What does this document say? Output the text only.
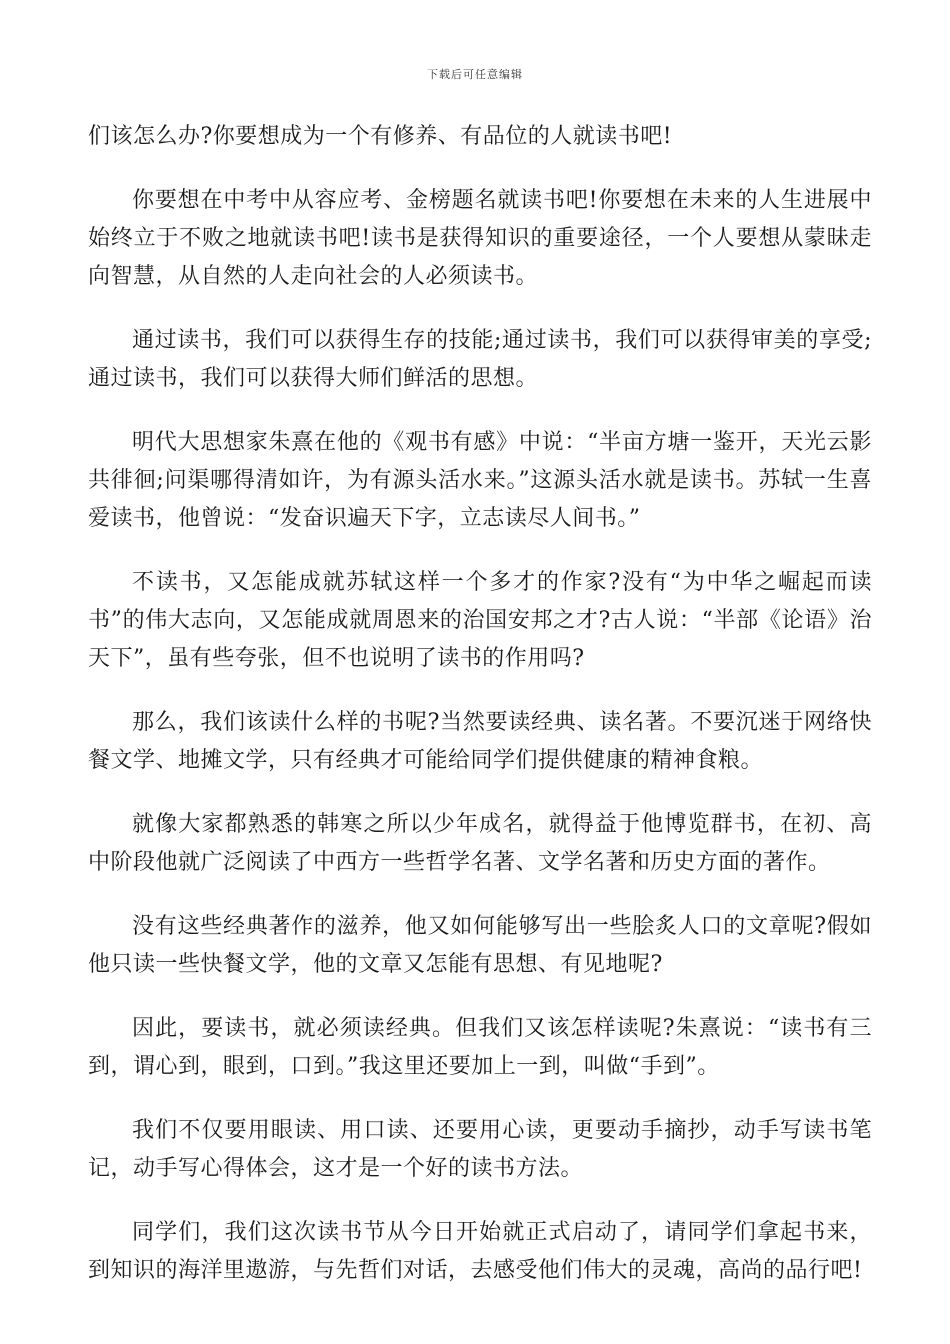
下载后可任意编辑

们该怎么办?你要想成为一个有修养、有品位的人就读书吧!

你要想在中考中从容应考、金榜题名就读书吧!你要想在未来的人生进展中始终立于不败之地就读书吧!读书是获得知识的重要途径，一个人要想从蒙昧走向智慧，从自然的人走向社会的人必须读书。

通过读书，我们可以获得生存的技能;通过读书，我们可以获得审美的享受;通过读书，我们可以获得大师们鲜活的思想。

明代大思想家朱熹在他的《观书有感》中说：“半亩方塘一鉴开，天光云影共徘徊;问渠哪得清如许，为有源头活水来。”这源头活水就是读书。苏轼一生喜爱读书，他曾说：“发奋识遍天下字，立志读尽人间书。”

不读书，又怎能成就苏轼这样一个多才的作家?没有“为中华之崛起而读书”的伟大志向，又怎能成就周恩来的治国安邦之才?古人说：“半部《论语》治天下”，虽有些夸张，但不也说明了读书的作用吗?

那么，我们该读什么样的书呢?当然要读经典、读名著。不要沉迷于网络快餐文学、地摊文学，只有经典才可能给同学们提供健康的精神食粮。

就像大家都熟悉的韩寒之所以少年成名，就得益于他博览群书，在初、高中阶段他就广泛阅读了中西方一些哲学名著、文学名著和历史方面的著作。

没有这些经典著作的滋养，他又如何能够写出一些脍炙人口的文章呢?假如他只读一些快餐文学，他的文章又怎能有思想、有见地呢?

因此，要读书，就必须读经典。但我们又该怎样读呢?朱熹说：“读书有三到，谓心到，眼到，口到。”我这里还要加上一到，叫做“手到”。

我们不仅要用眼读、用口读、还要用心读，更要动手摘抄，动手写读书笔记，动手写心得体会，这才是一个好的读书方法。

同学们，我们这次读书节从今日开始就正式启动了，请同学们拿起书来，到知识的海洋里遨游，与先哲们对话，去感受他们伟大的灵魂，高尚的品行吧!
